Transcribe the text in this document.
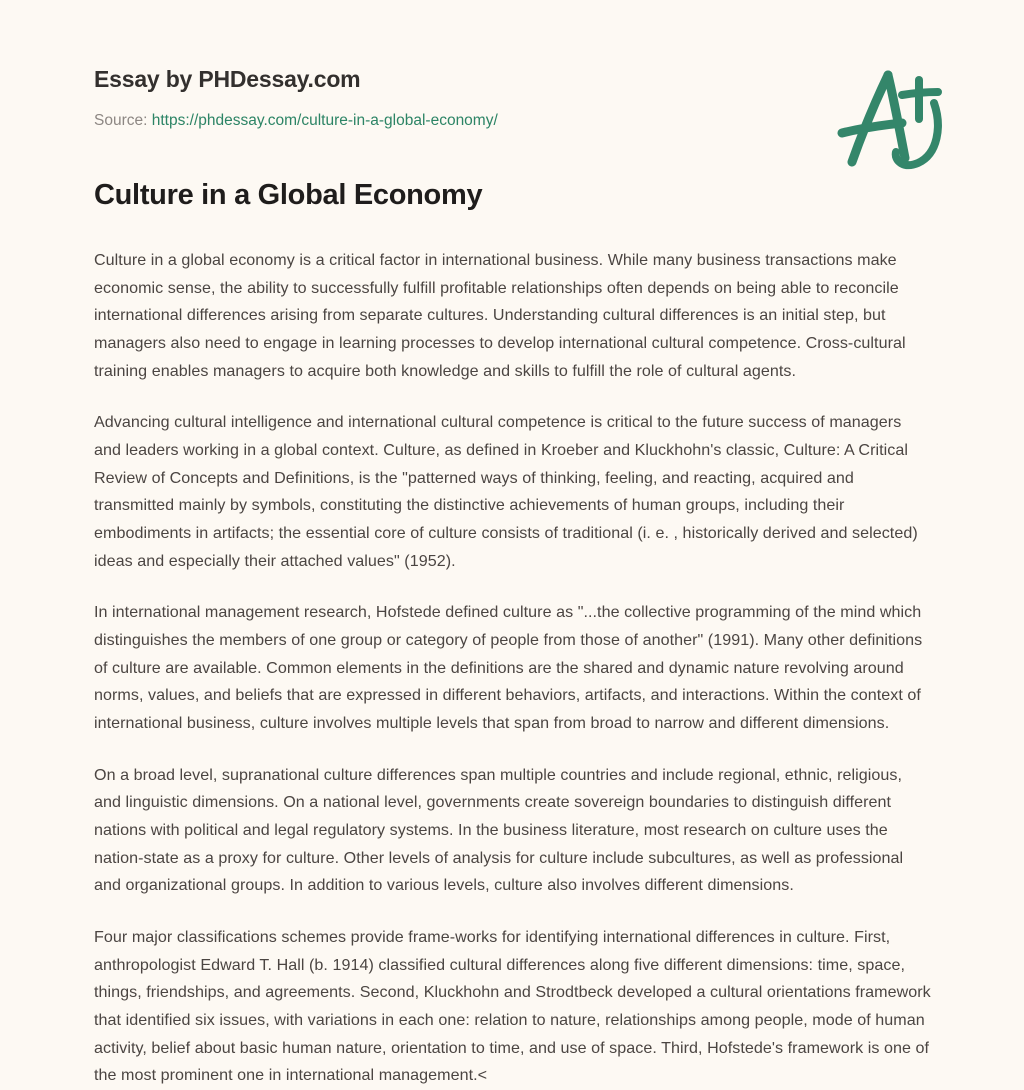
Essay by PHDessay.com
Source: https://phdessay.com/culture-in-a-global-economy/
Culture in a Global Economy

Culture in a global economy is a critical factor in international business. While many business transactions make economic sense, the ability to successfully fulfill profitable relationships often depends on being able to reconcile international differences arising from separate cultures. Understanding cultural differences is an initial step, but managers also need to engage in learning processes to develop international cultural competence. Cross-cultural training enables managers to acquire both knowledge and skills to fulfill the role of cultural agents.

Advancing cultural intelligence and international cultural competence is critical to the future success of managers and leaders working in a global context. Culture, as defined in Kroeber and Kluckhohn's classic, Culture: A Critical Review of Concepts and Definitions, is the "patterned ways of thinking, feeling, and reacting, acquired and transmitted mainly by symbols, constituting the distinctive achievements of human groups, including their embodiments in artifacts; the essential core of culture consists of traditional (i. e. , historically derived and selected) ideas and especially their attached values" (1952).

In international management research, Hofstede defined culture as "...the collective programming of the mind which distinguishes the members of one group or category of people from those of another" (1991). Many other definitions of culture are available. Common elements in the definitions are the shared and dynamic nature revolving around norms, values, and beliefs that are expressed in different behaviors, artifacts, and interactions. Within the context of international business, culture involves multiple levels that span from broad to narrow and different dimensions.

On a broad level, supranational culture differences span multiple countries and include regional, ethnic, religious, and linguistic dimensions. On a national level, governments create sovereign boundaries to distinguish different nations with political and legal regulatory systems. In the business literature, most research on culture uses the nation-state as a proxy for culture. Other levels of analysis for culture include subcultures, as well as professional and organizational groups. In addition to various levels, culture also involves different dimensions.

Four major classifications schemes provide frame-works for identifying international differences in culture. First, anthropologist Edward T. Hall (b. 1914) classified cultural differences along five different dimensions: time, space, things, friendships, and agreements. Second, Kluckhohn and Strodtbeck developed a cultural orientations framework that identified six issues, with variations in each one: relation to nature, relationships among people, mode of human activity, belief about basic human nature, orientation to time, and use of space. Third, Hofstede's framework is one of the most prominent one in international management.<
